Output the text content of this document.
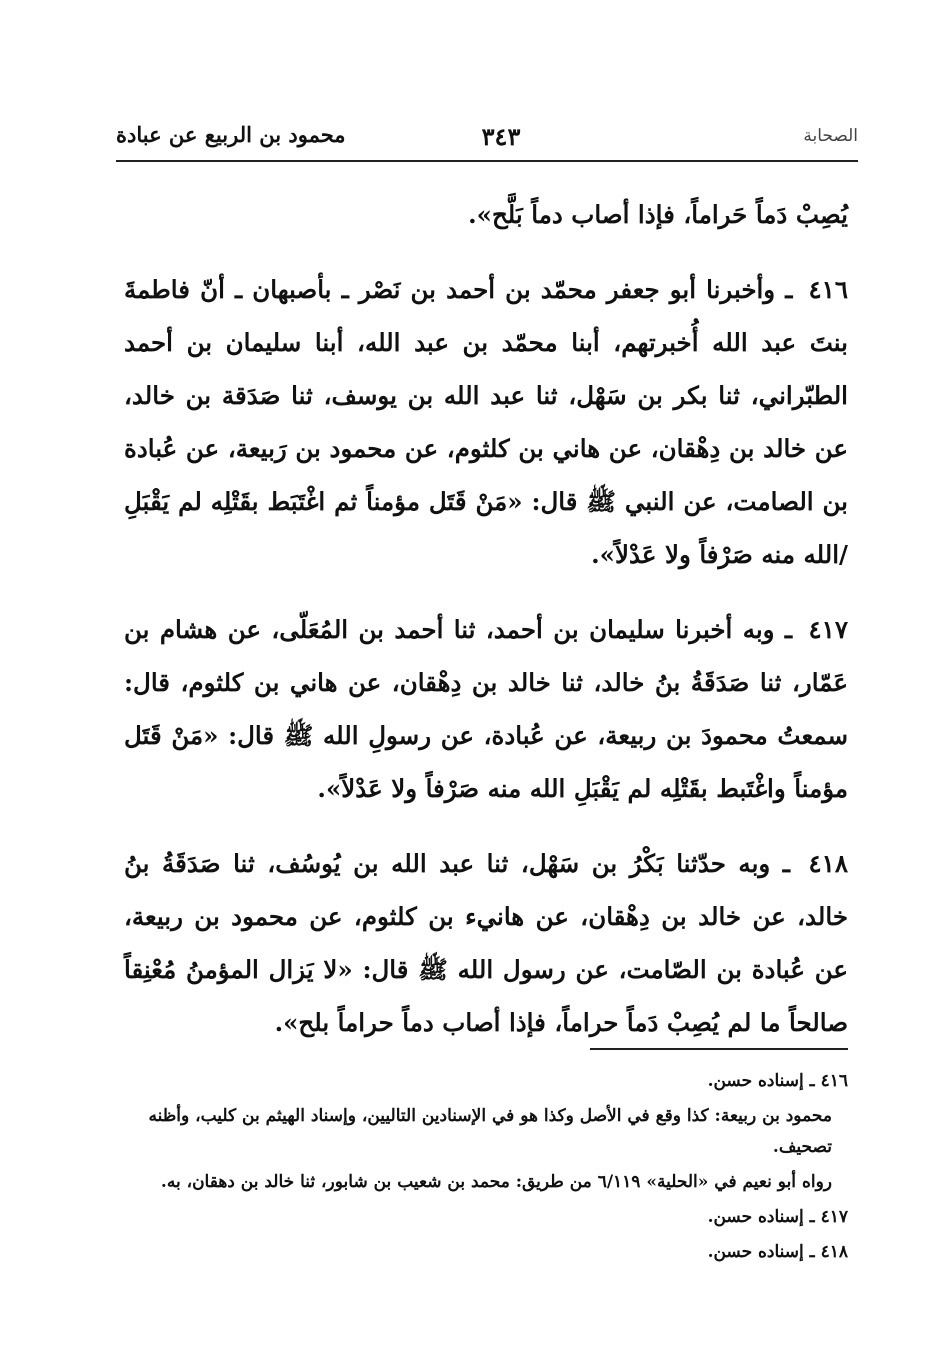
الصحابة
٣٤٣
محمود بن الربيع عن عبادة

يُصِبْ دَماً حَراماً، فإذا أصاب دماً بَلَّح».

٤١٦ ـ وأخبرنا أبو جعفر محمّد بن أحمد بن نَصْر ـ بأصبهان ـ أنّ فاطمةَ بنتَ عبد الله أُخبرتهم، أبنا محمّد بن عبد الله، أبنا سليمان بن أحمد الطبّراني، ثنا بكر بن سَهْل، ثنا عبد الله بن يوسف، ثنا صَدَقة بن خالد، عن خالد بن دِهْقان، عن هاني بن كلثوم، عن محمود بن رَبيعة، عن عُبادة بن الصامت، عن النبي ﷺ قال: «مَنْ قَتَل مؤمناً ثم اغْتَبَط بقَتْلِه لم يَقْبَلِ /الله منه صَرْفاً ولا عَدْلاً».

٤١٧ ـ وبه أخبرنا سليمان بن أحمد، ثنا أحمد بن المُعَلّى، عن هشام بن عَمّار، ثنا صَدَقَةُ بنُ خالد، ثنا خالد بن دِهْقان، عن هاني بن كلثوم، قال: سمعتُ محمودَ بن ربيعة، عن عُبادة، عن رسولِ الله ﷺ قال: «مَنْ قَتَل مؤمناً واغْتَبط بقَتْلِه لم يَقْبَلِ الله منه صَرْفاً ولا عَدْلاً».

٤١٨ ـ وبه حدّثنا بَكْرُ بن سَهْل، ثنا عبد الله بن يُوسُف، ثنا صَدَقَةُ بنُ خالد، عن خالد بن دِهْقان، عن هانيء بن كلثوم، عن محمود بن ربيعة، عن عُبادة بن الصّامت، عن رسول الله ﷺ قال: «لا يَزال المؤمنُ مُعْنِقاً صالحاً ما لم يُصِبْ دَماً حراماً، فإذا أصاب دماً حراماً بلح».

٤١٦ ـ إسناده حسن.

محمود بن ربيعة: كذا وقع في الأصل وكذا هو في الإسنادين التاليين، وإسناد الهيثم بن كليب، وأظنه تصحيف.

رواه أبو نعيم في «الحلية» ٦/١١٩ من طريق: محمد بن شعيب بن شابور، ثنا خالد بن دهقان، به.

٤١٧ ـ إسناده حسن.

٤١٨ ـ إسناده حسن.
